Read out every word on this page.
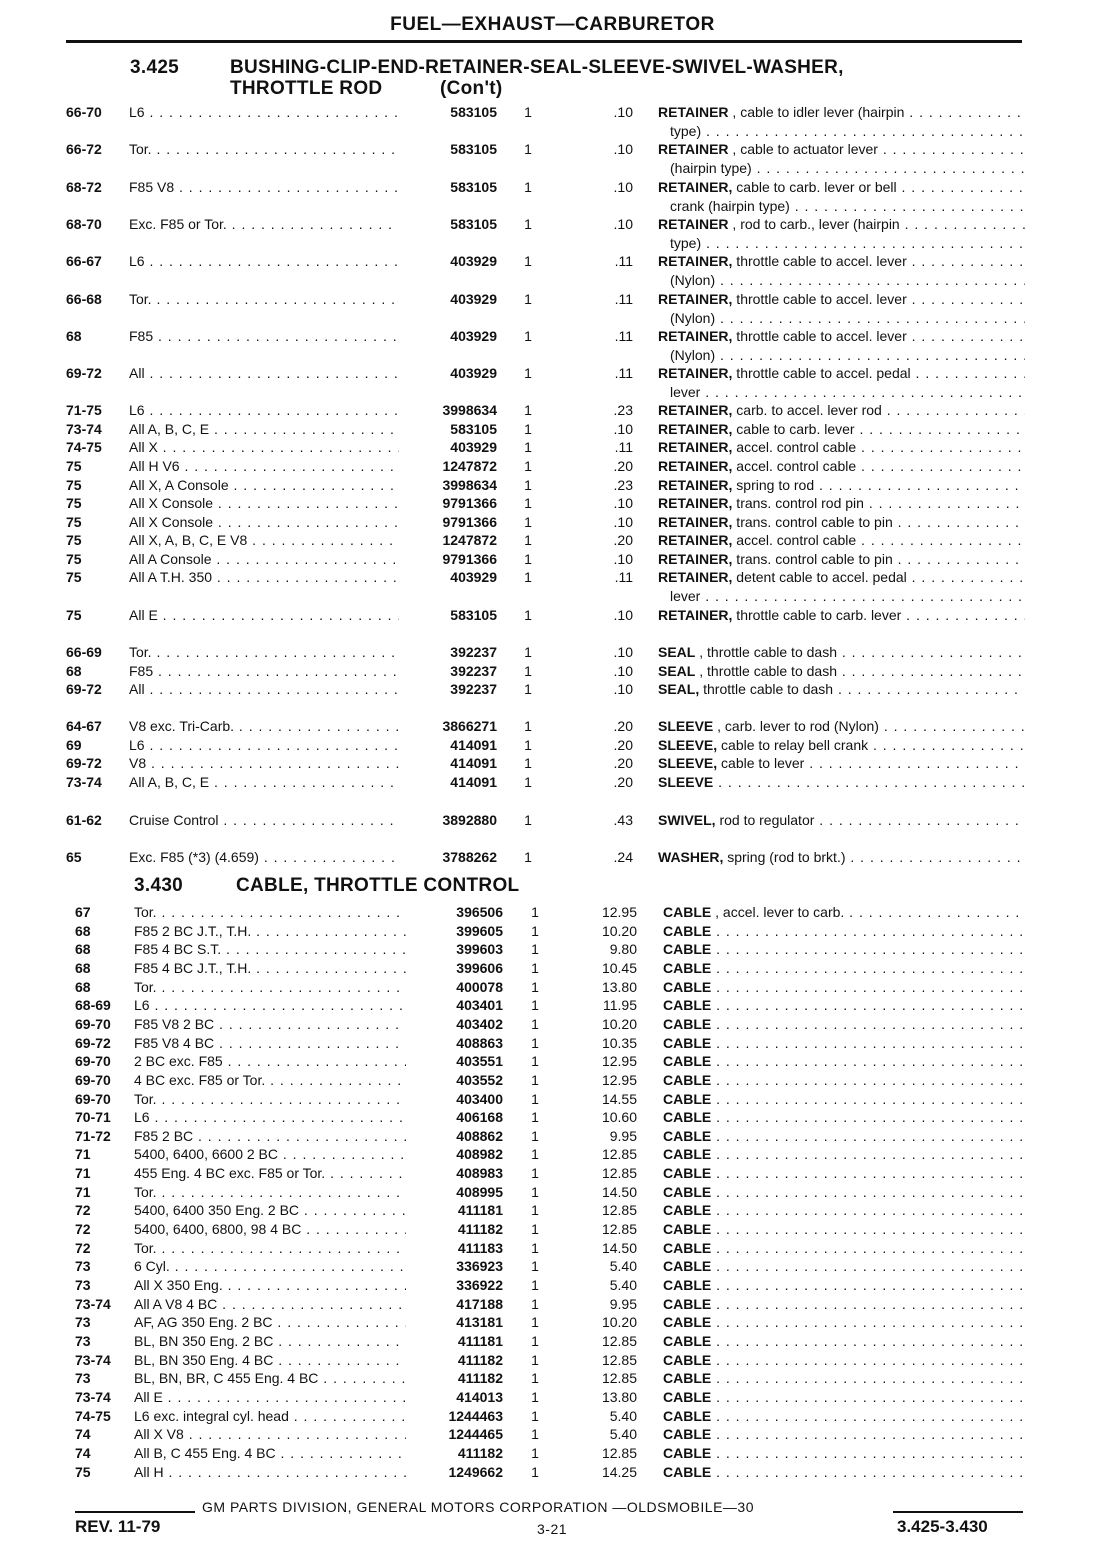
FUEL—EXHAUST—CARBURETOR
3.425	BUSHING-CLIP-END-RETAINER-SEAL-SLEEVE-SWIVEL-WASHER,
THROTTLE ROD	(Con't)
66-70 L6 . . .	583105	1	.10 RETAINER , cable to idler lever (hairpin . . .
type) . . .
66-72 Tor. . . .	583105	1	.10 RETAINER , cable to actuator lever . . .
(hairpin type) . . .
68-72 F85 V8 . . .	583105	1	.10 RETAINER, cable to carb. lever or bell . . .
crank (hairpin type) . . .
68-70 Exc. F85 or Tor. . . .	583105	1	.10 RETAINER , rod to carb., lever (hairpin . . .
type) . . .
66-67 L6 . . .	403929	1	.11 RETAINER, throttle cable to accel. lever . . .
(Nylon) . . .
66-68 Tor. . . .	403929	1	.11 RETAINER, throttle cable to accel. lever . . .
(Nylon) . . .
68	F85 . . .	403929	1	.11 RETAINER, throttle cable to accel. lever . . .
(Nylon) . . .
69-72 All . . .	403929	1	.11 RETAINER, throttle cable to accel. pedal . . .
lever . . .
71-75 L6 . . .	3998634	1	.23 RETAINER, carb. to accel. lever rod . . .
73-74 All A, B, C, E . . .	583105	1	.10 RETAINER, cable to carb. lever . . .
74-75 All X . . .	403929	1	.11 RETAINER, accel. control cable . . .
75	All H V6 . . .	1247872	1	.20 RETAINER, accel. control cable . . .
75	All X, A Console . . .	3998634	1	.23 RETAINER, spring to rod . . .
75	All X Console . . .	9791366	1	.10 RETAINER, trans. control rod pin . . .
75	All X Console . . .	9791366	1	.10 RETAINER, trans. control cable to pin . . .
75	All X, A, B, C, E V8 . . .	1247872	1	.20 RETAINER, accel. control cable . . .
75	All A Console . . .	9791366	1	.10 RETAINER, trans. control cable to pin . . .
75	All A T.H. 350 . . .	403929	1	.11 RETAINER, detent cable to accel. pedal . . .
lever . . .
75	All E . . .	583105	1	.10 RETAINER, throttle cable to carb. lever . . .
66-69 Tor. . . .	392237	1	.10 SEAL , throttle cable to dash . . .
68	F85 . . .	392237	1	.10 SEAL , throttle cable to dash . . .
69-72 All . . .	392237	1	.10 SEAL, throttle cable to dash . . .
64-67 V8 exc. Tri-Carb. . . .	3866271	1	.20 SLEEVE , carb. lever to rod (Nylon) . . .
69	L6 . . .	414091	1	.20 SLEEVE, cable to relay bell crank . . .
69-72 V8 . . .	414091	1	.20 SLEEVE, cable to lever . . .
73-74 All A, B, C, E . . .	414091	1	.20 SLEEVE . . .
61-62 Cruise Control . . .	3892880	1	.43 SWIVEL, rod to regulator . . .
65	Exc. F85 (*3) (4.659) . . .	3788262	1	.24 WASHER, spring (rod to brkt.) . . .
3.430	CABLE, THROTTLE CONTROL
67	Tor. . . .	396506	1	12.95 CABLE , accel. lever to carb. . . .
68	F85 2 BC J.T., T.H. . . .	399605	1	10.20 CABLE . . .
68	F85 4 BC S.T. . . .	399603	1	9.80 CABLE . . .
68	F85 4 BC J.T., T.H. . . .	399606	1	10.45 CABLE . . .
68	Tor. . . .	400078	1	13.80 CABLE . . .
68-69 L6 . . .	403401	1	11.95 CABLE . . .
69-70 F85 V8 2 BC . . .	403402	1	10.20 CABLE . . .
69-72 F85 V8 4 BC . . .	408863	1	10.35 CABLE . . .
69-70 2 BC exc. F85 . . .	403551	1	12.95 CABLE . . .
69-70 4 BC exc. F85 or Tor. . . .	403552	1	12.95 CABLE . . .
69-70 Tor. . . .	403400	1	14.55 CABLE . . .
70-71 L6 . . .	406168	1	10.60 CABLE . . .
71-72 F85 2 BC . . .	408862	1	9.95 CABLE . . .
71	5400, 6400, 6600 2 BC . . .	408982	1	12.85 CABLE . . .
71	455 Eng. 4 BC exc. F85 or Tor. . . .	408983	1	12.85 CABLE . . .
71	Tor. . . .	408995	1	14.50 CABLE . . .
72	5400, 6400 350 Eng. 2 BC . . .	411181	1	12.85 CABLE . . .
72	5400, 6400, 6800, 98 4 BC . . .	411182	1	12.85 CABLE . . .
72	Tor. . . .	411183	1	14.50 CABLE . . .
73	6 Cyl. . . .	336923	1	5.40 CABLE . . .
73	All X 350 Eng. . . .	336922	1	5.40 CABLE . . .
73-74 All A V8 4 BC . . .	417188	1	9.95 CABLE . . .
73	AF, AG 350 Eng. 2 BC . . .	413181	1	10.20 CABLE . . .
73	BL, BN 350 Eng. 2 BC . . .	411181	1	12.85 CABLE . . .
73-74 BL, BN 350 Eng. 4 BC . . .	411182	1	12.85 CABLE . . .
73	BL, BN, BR, C 455 Eng. 4 BC . . .	411182	1	12.85 CABLE . . .
73-74 All E . . .	414013	1	13.80 CABLE . . .
74-75 L6 exc. integral cyl. head . . .	1244463	1	5.40 CABLE . . .
74	All X V8 . . .	1244465	1	5.40 CABLE . . .
74	All B, C 455 Eng. 4 BC . . .	411182	1	12.85 CABLE . . .
75	All H . . .	1249662	1	14.25 CABLE . . .
GM PARTS DIVISION, GENERAL MOTORS CORPORATION —OLDSMOBILE—30
REV. 11-79	3-21	3.425-3.430
